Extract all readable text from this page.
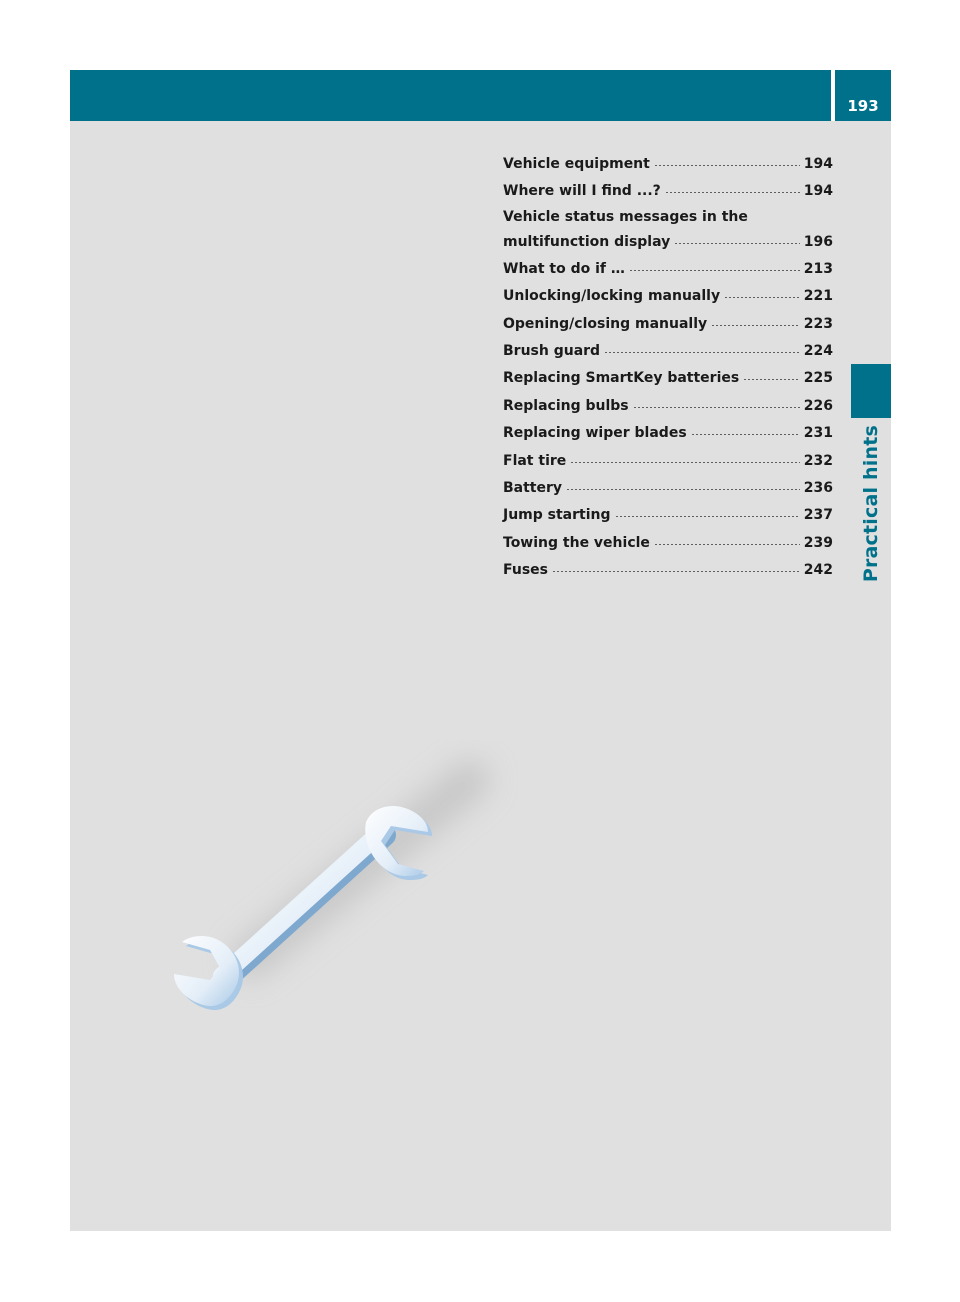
193
Practical hints
Vehicle equipment	194
Where will I find ...?	194
Vehicle status messages in the
multifunction display	196
What to do if …	213
Unlocking/locking manually	221
Opening/closing manually	223
Brush guard	224
Replacing SmartKey batteries	225
Replacing bulbs	226
Replacing wiper blades	231
Flat tire	232
Battery	236
Jump starting	237
Towing the vehicle	239
Fuses	242
